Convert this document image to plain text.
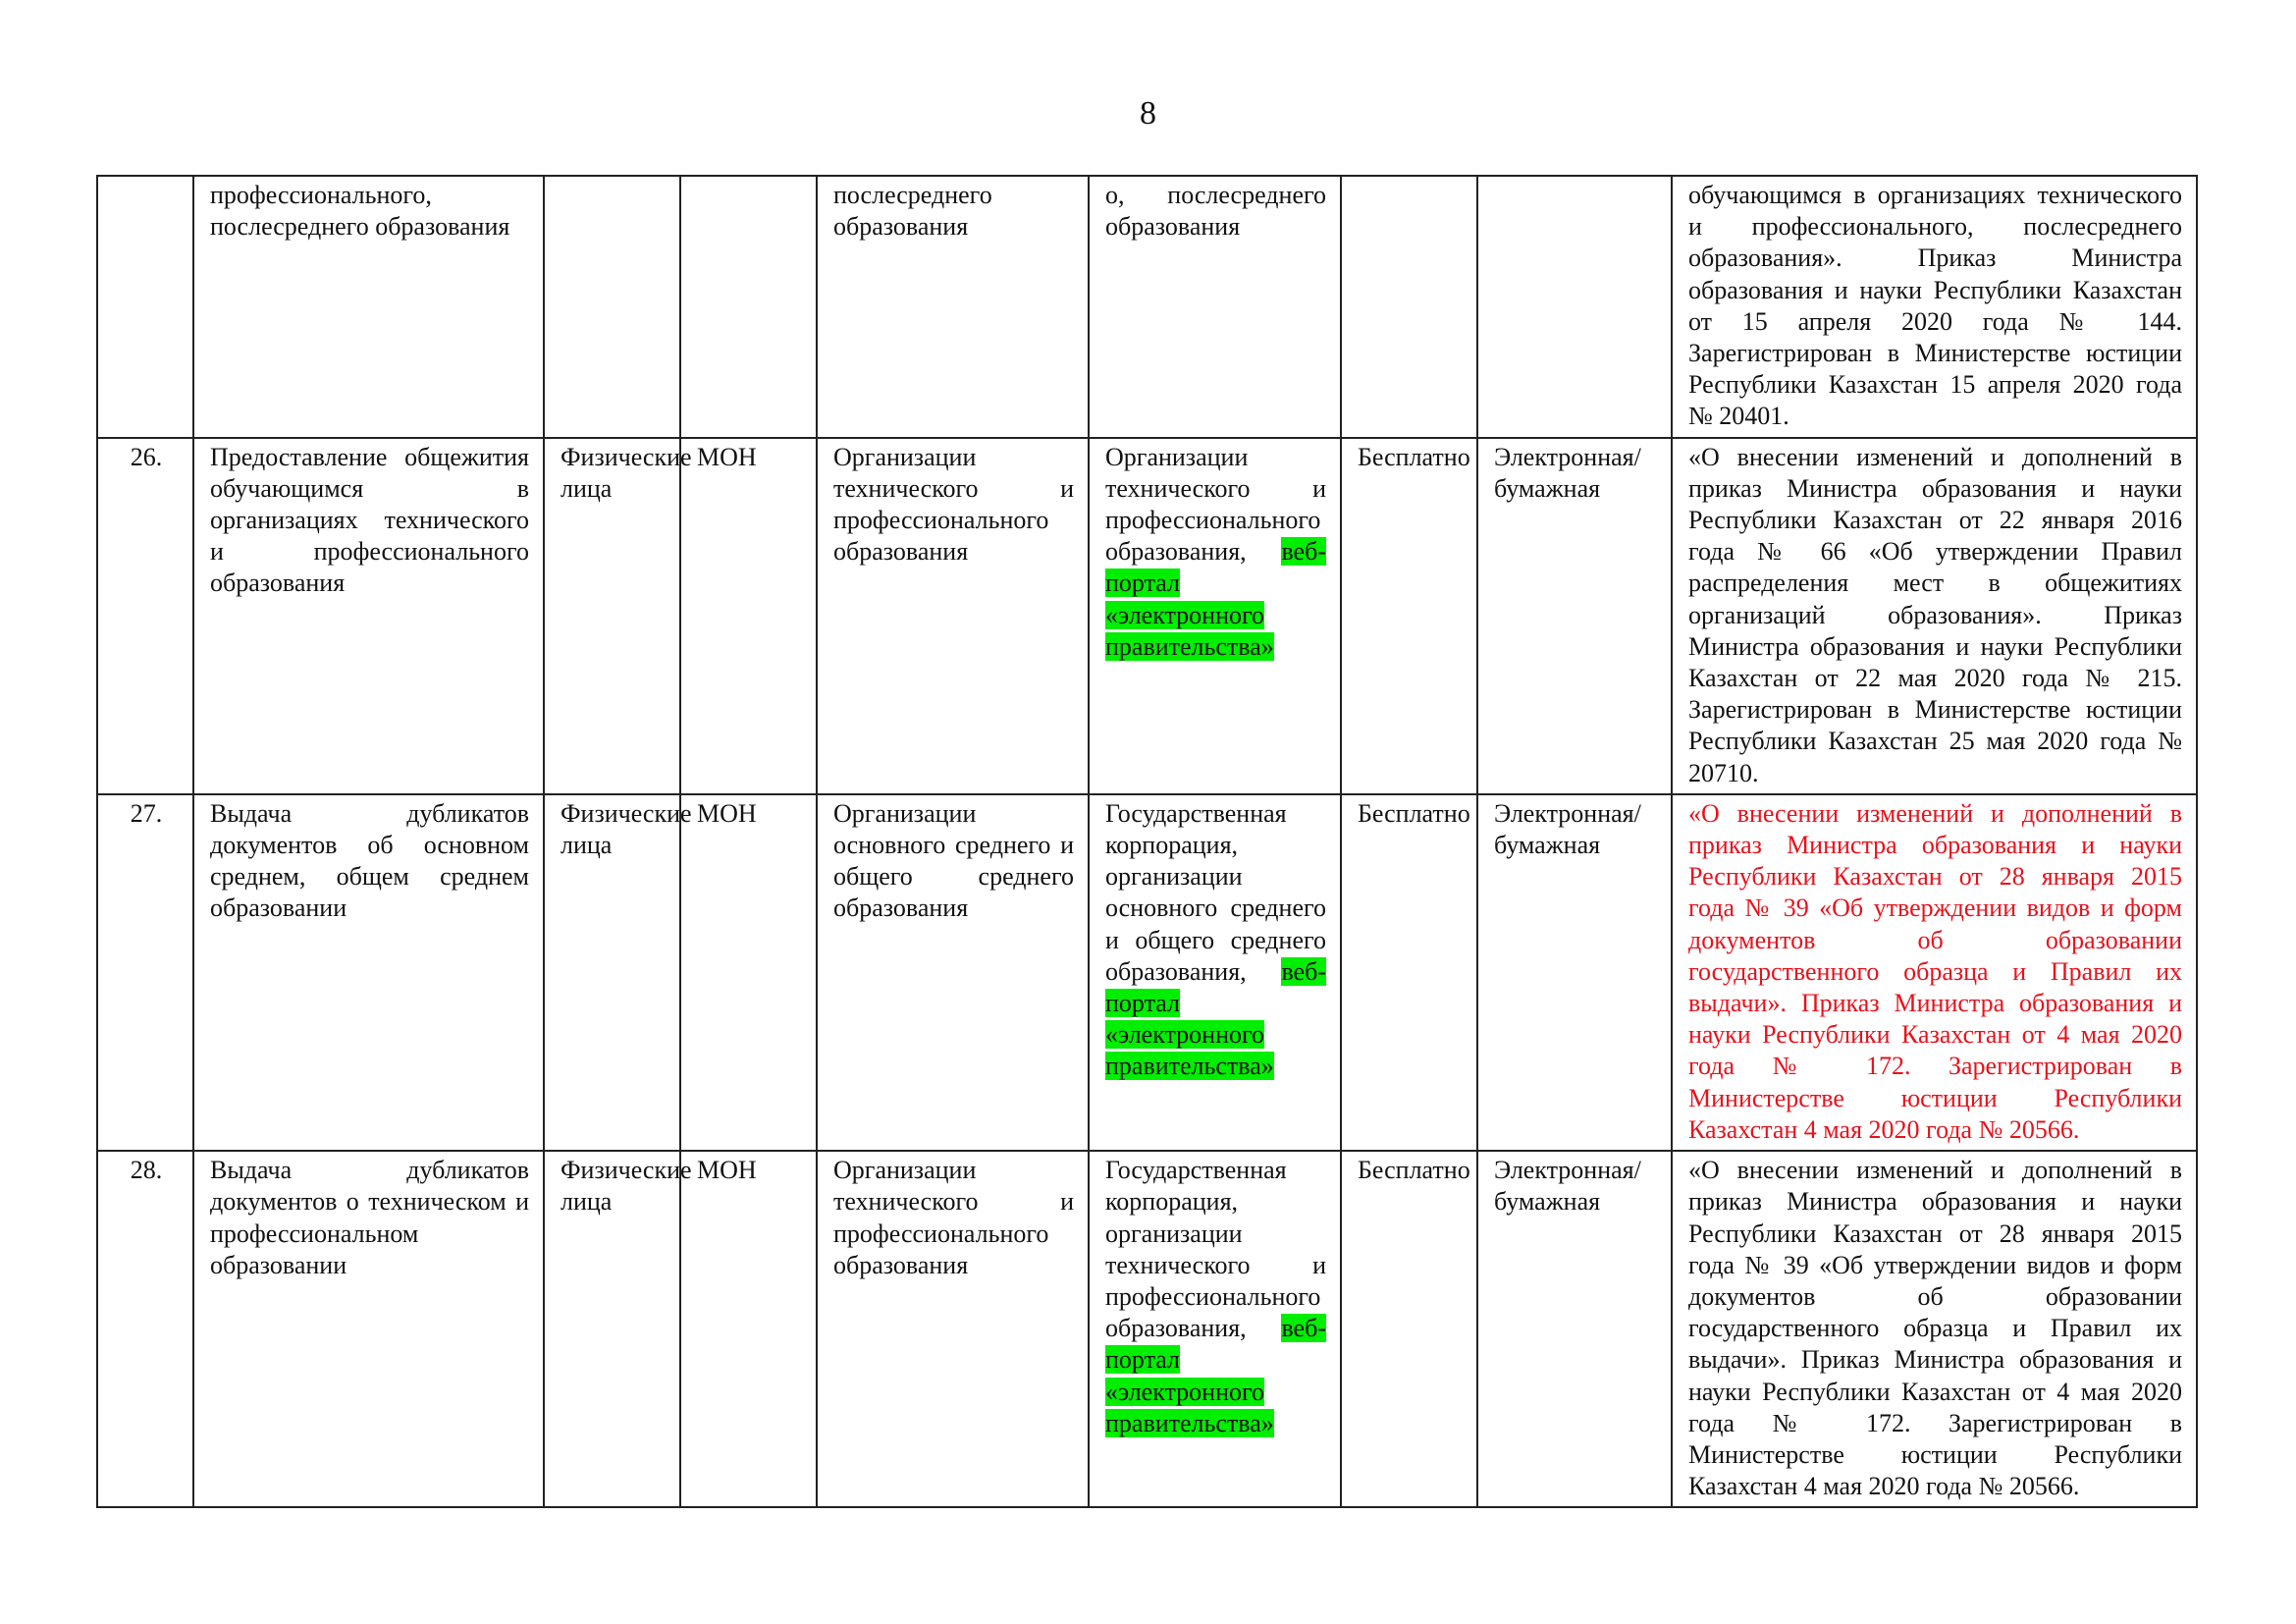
8
	профессионального, послесреднего образования			послесреднего образования	о, послесреднего образования			обучающимся в организациях технического и профессионального, послесреднего образования». Приказ Министра образования и науки Республики Казахстан от 15 апреля 2020 года № 144. Зарегистрирован в Министерстве юстиции Республики Казахстан 15 апреля 2020 года № 20401.
26.	Предоставление общежития обучающимся в организациях технического и профессионального образования	Физические лица	МОН	Организации технического и профессионального образования	Организации технического и профессионального образования, веб-портал «электронного правительства»	Бесплатно	Электронная/ бумажная	«О внесении изменений и дополнений в приказ Министра образования и науки Республики Казахстан от 22 января 2016 года № 66 «Об утверждении Правил распределения мест в общежитиях организаций образования». Приказ Министра образования и науки Республики Казахстан от 22 мая 2020 года № 215. Зарегистрирован в Министерстве юстиции Республики Казахстан 25 мая 2020 года № 20710.
27.	Выдача дубликатов документов об основном среднем, общем среднем образовании	Физические лица	МОН	Организации основного среднего и общего среднего образования	Государственная корпорация, организации основного среднего и общего среднего образования, веб-портал «электронного правительства»	Бесплатно	Электронная/ бумажная	«О внесении изменений и дополнений в приказ Министра образования и науки Республики Казахстан от 28 января 2015 года № 39 «Об утверждении видов и форм документов об образовании государственного образца и Правил их выдачи». Приказ Министра образования и науки Республики Казахстан от 4 мая 2020 года № 172. Зарегистрирован в Министерстве юстиции Республики Казахстан 4 мая 2020 года № 20566.
28.	Выдача дубликатов документов о техническом и профессиональном образовании	Физические лица	МОН	Организации технического и профессионального образования	Государственная корпорация, организации технического и профессионального образования, веб-портал «электронного правительства»	Бесплатно	Электронная/ бумажная	«О внесении изменений и дополнений в приказ Министра образования и науки Республики Казахстан от 28 января 2015 года № 39 «Об утверждении видов и форм документов об образовании государственного образца и Правил их выдачи». Приказ Министра образования и науки Республики Казахстан от 4 мая 2020 года № 172. Зарегистрирован в Министерстве юстиции Республики Казахстан 4 мая 2020 года № 20566.
